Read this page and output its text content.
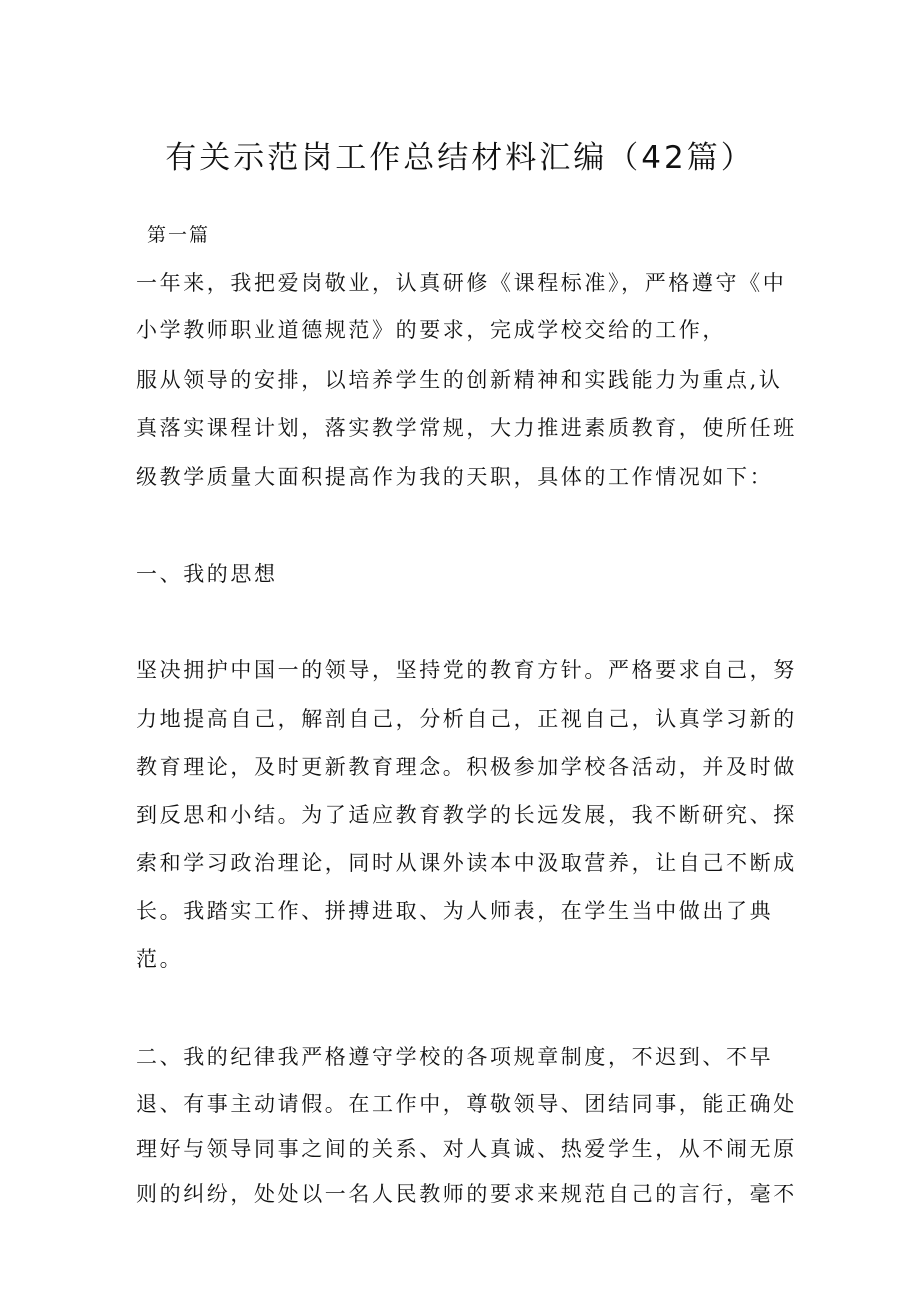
有关示范岗工作总结材料汇编（42篇）
第一篇

一年来，我把爱岗敬业，认真研修《课程标准》，严格遵守《中

小学教师职业道德规范》的要求，完成学校交给的工作，

服从领导的安排，以培养学生的创新精神和实践能力为重点,认

真落实课程计划，落实教学常规，大力推进素质教育，使所任班

级教学质量大面积提高作为我的天职，具体的工作情况如下：

一、我的思想

坚决拥护中国一的领导，坚持党的教育方针。严格要求自己，努

力地提高自己，解剖自己，分析自己，正视自己，认真学习新的

教育理论，及时更新教育理念。积极参加学校各活动，并及时做

到反思和小结。为了适应教育教学的长远发展，我不断研究、探

索和学习政治理论，同时从课外读本中汲取营养，让自己不断成

长。我踏实工作、拼搏进取、为人师表，在学生当中做出了典

范。

二、我的纪律我严格遵守学校的各项规章制度，不迟到、不早

退、有事主动请假。在工作中，尊敬领导、团结同事，能正确处

理好与领导同事之间的关系、对人真诚、热爱学生，从不闹无原

则的纠纷，处处以一名人民教师的要求来规范自己的言行，毫不
